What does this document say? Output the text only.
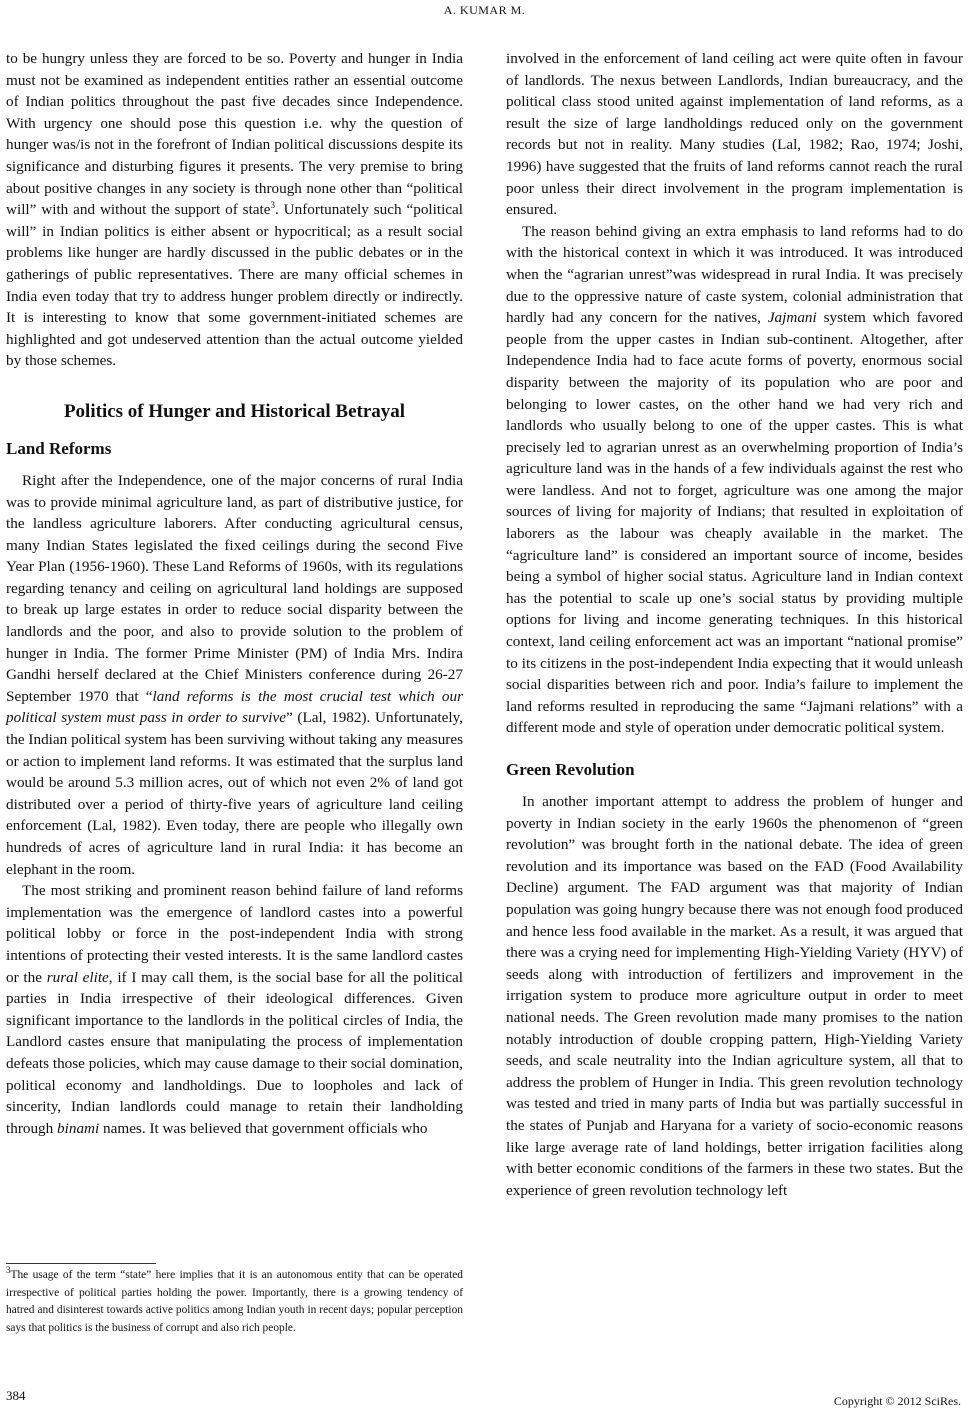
A. KUMAR M.

to be hungry unless they are forced to be so. Poverty and hunger in India must not be examined as independent entities rather an essential outcome of Indian politics throughout the past five decades since Independence. With urgency one should pose this question i.e. why the question of hunger was/is not in the forefront of Indian political discussions despite its significance and disturbing figures it presents. The very premise to bring about positive changes in any society is through none other than “political will” with and without the support of state$^3$. Unfortunately such “political will” in Indian politics is either absent or hypocritical; as a result social problems like hunger are hardly discussed in the public debates or in the gatherings of public representatives. There are many official schemes in India even today that try to address hunger problem directly or indirectly. It is interesting to know that some government-initiated schemes are highlighted and got undeserved attention than the actual outcome yielded by those schemes.

Politics of Hunger and Historical Betrayal
Land Reforms

Right after the Independence, one of the major concerns of rural India was to provide minimal agriculture land, as part of distributive justice, for the landless agriculture laborers. After conducting agricultural census, many Indian States legislated the fixed ceilings during the second Five Year Plan (1956-1960). These Land Reforms of 1960s, with its regulations regarding tenancy and ceiling on agricultural land holdings are supposed to break up large estates in order to reduce social disparity between the landlords and the poor, and also to provide solution to the problem of hunger in India. The former Prime Minister (PM) of India Mrs. Indira Gandhi herself declared at the Chief Ministers conference during 26-27 September 1970 that “land reforms is the most crucial test which our political system must pass in order to survive” (Lal, 1982). Unfortunately, the Indian political system has been surviving without taking any measures or action to implement land reforms. It was estimated that the surplus land would be around 5.3 million acres, out of which not even 2% of land got distributed over a period of thirty-five years of agriculture land ceiling enforcement (Lal, 1982). Even today, there are people who illegally own hundreds of acres of agriculture land in rural India: it has become an elephant in the room.

The most striking and prominent reason behind failure of land reforms implementation was the emergence of landlord castes into a powerful political lobby or force in the post-independent India with strong intentions of protecting their vested interests. It is the same landlord castes or the rural elite, if I may call them, is the social base for all the political parties in India irrespective of their ideological differences. Given significant importance to the landlords in the political circles of India, the Landlord castes ensure that manipulating the process of implementation defeats those policies, which may cause damage to their social domination, political economy and landholdings. Due to loopholes and lack of sincerity, Indian landlords could manage to retain their landholding through binami names. It was believed that government officials who

$^3$The usage of the term “state” here implies that it is an autonomous entity that can be operated irrespective of political parties holding the power. Importantly, there is a growing tendency of hatred and disinterest towards active politics among Indian youth in recent days; popular perception says that politics is the business of corrupt and also rich people.

involved in the enforcement of land ceiling act were quite often in favour of landlords. The nexus between Landlords, Indian bureaucracy, and the political class stood united against implementation of land reforms, as a result the size of large landholdings reduced only on the government records but not in reality. Many studies (Lal, 1982; Rao, 1974; Joshi, 1996) have suggested that the fruits of land reforms cannot reach the rural poor unless their direct involvement in the program implementation is ensured.

The reason behind giving an extra emphasis to land reforms had to do with the historical context in which it was introduced. It was introduced when the “agrarian unrest”was widespread in rural India. It was precisely due to the oppressive nature of caste system, colonial administration that hardly had any concern for the natives, Jajmani system which favored people from the upper castes in Indian sub-continent. Altogether, after Independence India had to face acute forms of poverty, enormous social disparity between the majority of its population who are poor and belonging to lower castes, on the other hand we had very rich and landlords who usually belong to one of the upper castes. This is what precisely led to agrarian unrest as an overwhelming proportion of India’s agriculture land was in the hands of a few individuals against the rest who were landless. And not to forget, agriculture was one among the major sources of living for majority of Indians; that resulted in exploitation of laborers as the labour was cheaply available in the market. The “agriculture land” is considered an important source of income, besides being a symbol of higher social status. Agriculture land in Indian context has the potential to scale up one’s social status by providing multiple options for living and income generating techniques. In this historical context, land ceiling enforcement act was an important “national promise” to its citizens in the post-independent India expecting that it would unleash social disparities between rich and poor. India’s failure to implement the land reforms resulted in reproducing the same “Jajmani relations” with a different mode and style of operation under democratic political system.

Green Revolution

In another important attempt to address the problem of hunger and poverty in Indian society in the early 1960s the phenomenon of “green revolution” was brought forth in the national debate. The idea of green revolution and its importance was based on the FAD (Food Availability Decline) argument. The FAD argument was that majority of Indian population was going hungry because there was not enough food produced and hence less food available in the market. As a result, it was argued that there was a crying need for implementing High-Yielding Variety (HYV) of seeds along with introduction of fertilizers and improvement in the irrigation system to produce more agriculture output in order to meet national needs. The Green revolution made many promises to the nation notably introduction of double cropping pattern, High-Yielding Variety seeds, and scale neutrality into the Indian agriculture system, all that to address the problem of Hunger in India. This green revolution technology was tested and tried in many parts of India but was partially successful in the states of Punjab and Haryana for a variety of socio-economic reasons like large average rate of land holdings, better irrigation facilities along with better economic conditions of the farmers in these two states. But the experience of green revolution technology left

384	Copyright © 2012 SciRes.
